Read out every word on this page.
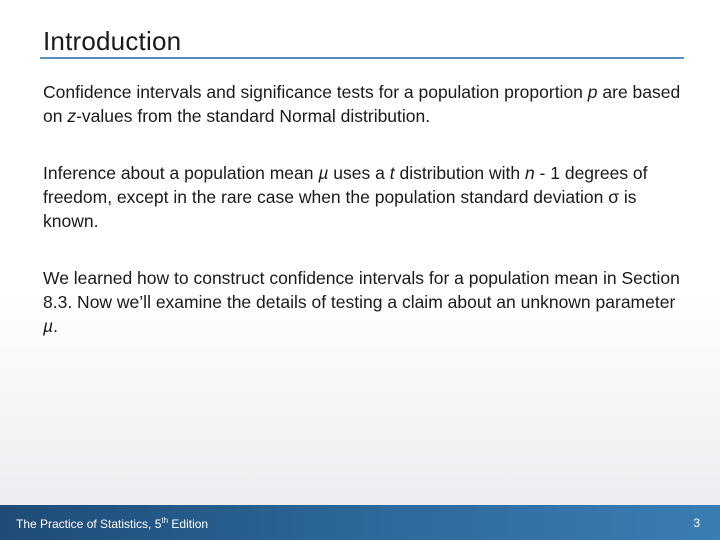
Introduction

Confidence intervals and significance tests for a population proportion p are based on z-values from the standard Normal distribution.

Inference about a population mean µ uses a t distribution with n - 1 degrees of freedom, except in the rare case when the population standard deviation σ is known.

We learned how to construct confidence intervals for a population mean in Section 8.3. Now we’ll examine the details of testing a claim about an unknown parameter µ.

The Practice of Statistics, 5th Edition	3
